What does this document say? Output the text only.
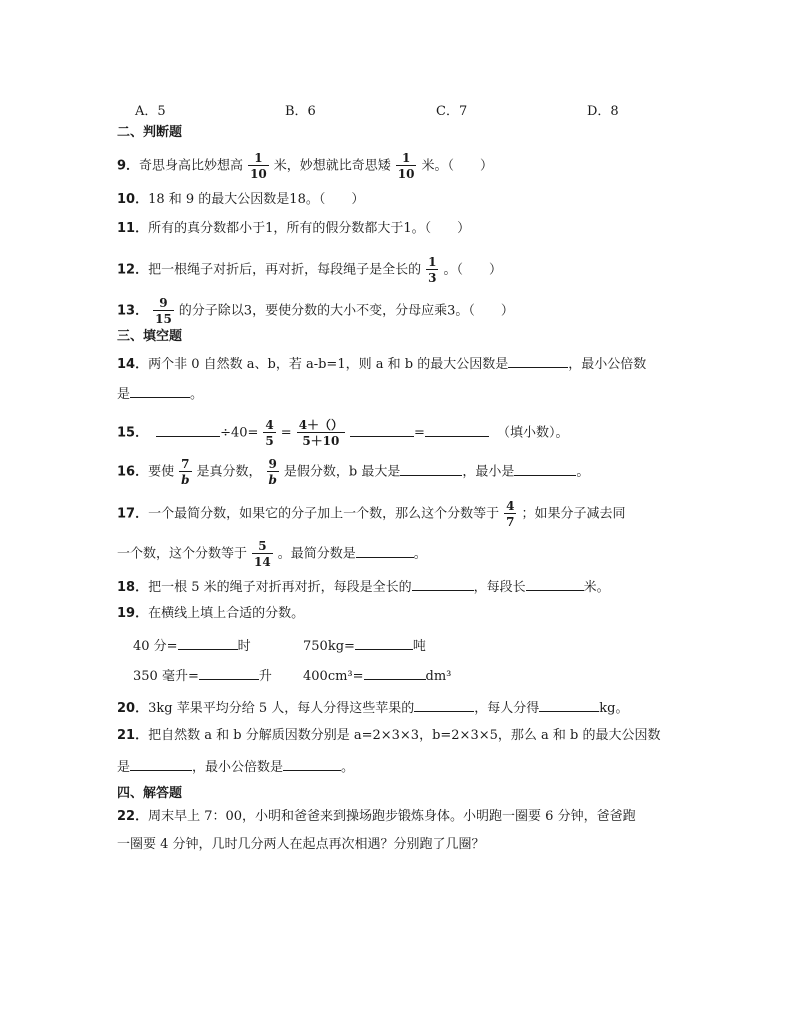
A．5	B．6	C．7	D．8
二、判断题
9．奇思身高比妙想高 $\frac{1}{10}$ 米，妙想就比奇思矮 $\frac{1}{10}$ 米。（　　）
10．18 和 9 的最大公因数是18。（　　）
11．所有的真分数都小于1，所有的假分数都大于1。（　　）
12．把一根绳子对折后，再对折，每段绳子是全长的 $\frac{1}{3}$ 。（　　）
13． $\frac{9}{15}$ 的分子除以3，要使分数的大小不变，分母应乘3。（　　）
三、填空题
14．两个非 0 自然数 a、b，若 a-b=1，则 a 和 b 的最大公因数是	，最小公倍数
是	。
15．	$\div 40= \frac{4}{5} = \frac{4+()}{5+10}$	=	（填小数）。
16．要使 $\frac{7}{b}$ 是真分数， $\frac{9}{b}$ 是假分数，b 最大是	，最小是	。
17．一个最简分数，如果它的分子加上一个数，那么这个分数等于 $\frac{4}{7}$ ；如果分子减去同
一个数，这个分数等于 $\frac{5}{14}$ 。最简分数是	。
18．把一根 5 米的绳子对折再对折，每段是全长的	，每段长	米。
19．在横线上填上合适的分数。
40 分=	时	750kg=	吨
350 毫升=	升 400cm³=	dm³
20．3kg 苹果平均分给 5 人，每人分得这些苹果的	，每人分得	kg。
21．把自然数 a 和 b 分解质因数分别是 a=2×3×3，b=2×3×5，那么 a 和 b 的最大公因数
是	，最小公倍数是	。
四、解答题
22．周末早上 7：00，小明和爸爸来到操场跑步锻炼身体。小明跑一圈要 6 分钟，爸爸跑
一圈要 4 分钟，几时几分两人在起点再次相遇？分别跑了几圈？
